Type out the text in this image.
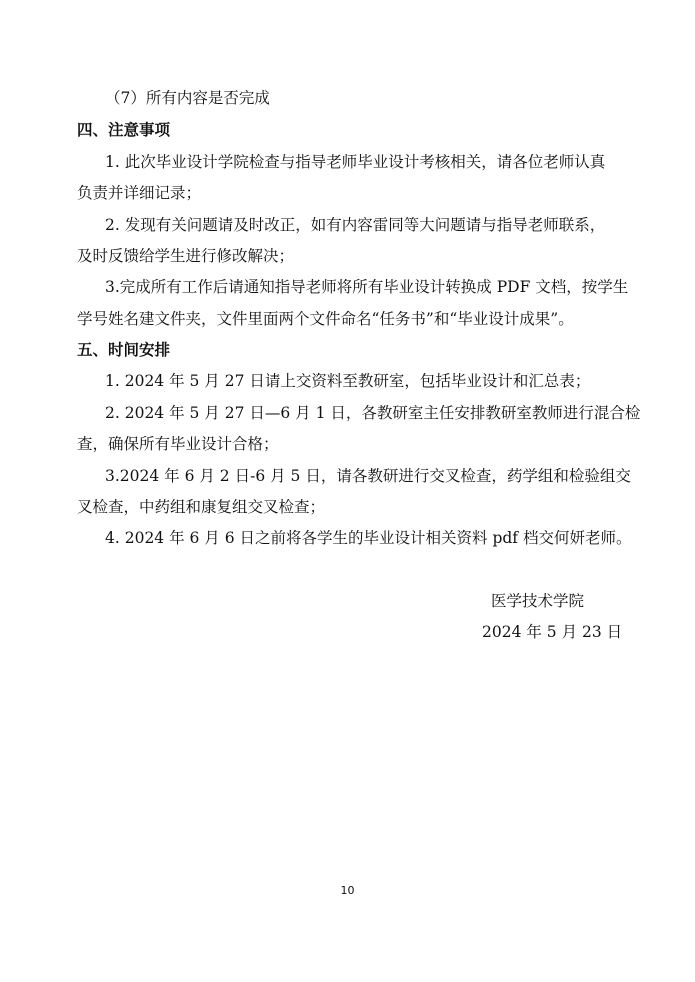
（7）所有内容是否完成
四、注意事项
1. 此次毕业设计学院检查与指导老师毕业设计考核相关，请各位老师认真
负责并详细记录；
2. 发现有关问题请及时改正，如有内容雷同等大问题请与指导老师联系，
及时反馈给学生进行修改解决；
3.完成所有工作后请通知指导老师将所有毕业设计转换成 PDF 文档，按学生
学号姓名建文件夹，文件里面两个文件命名“任务书”和“毕业设计成果”。
五、时间安排
1. 2024 年 5 月 27 日请上交资料至教研室，包括毕业设计和汇总表；
2. 2024 年 5 月 27 日—6 月 1 日，各教研室主任安排教研室教师进行混合检
查，确保所有毕业设计合格；
3.2024 年 6 月 2 日-6 月 5 日，请各教研进行交叉检查，药学组和检验组交
叉检查，中药组和康复组交叉检查；
4. 2024 年 6 月 6 日之前将各学生的毕业设计相关资料 pdf 档交何妍老师。
医学技术学院
2024 年 5 月 23 日
10
